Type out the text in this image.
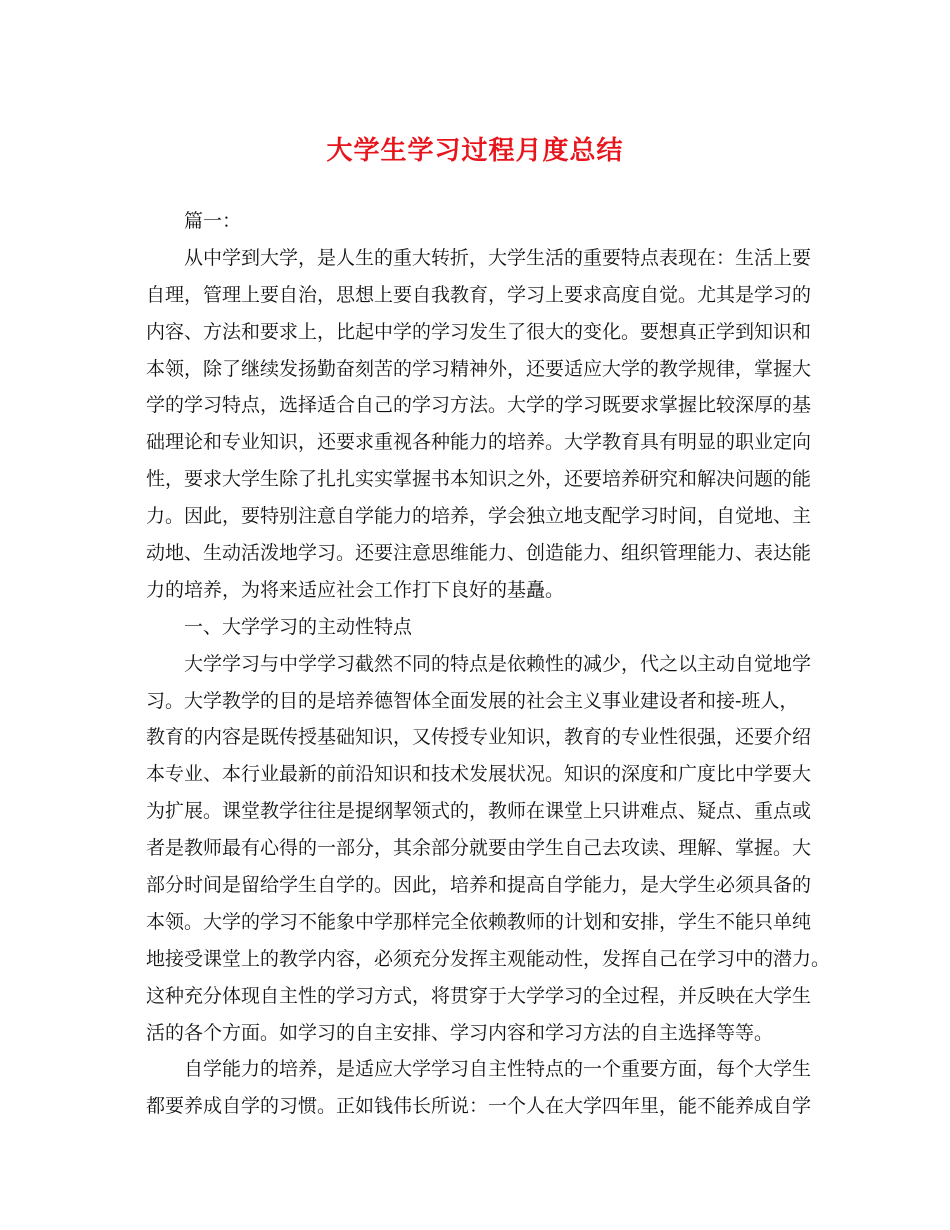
大学生学习过程月度总结
篇一：
从中学到大学，是人生的重大转折，大学生活的重要特点表现在：生活上要
自理，管理上要自治，思想上要自我教育，学习上要求高度自觉。尤其是学习的
内容、方法和要求上，比起中学的学习发生了很大的变化。要想真正学到知识和
本领，除了继续发扬勤奋刻苦的学习精神外，还要适应大学的教学规律，掌握大
学的学习特点，选择适合自己的学习方法。大学的学习既要求掌握比较深厚的基
础理论和专业知识，还要求重视各种能力的培养。大学教育具有明显的职业定向
性，要求大学生除了扎扎实实掌握书本知识之外，还要培养研究和解决问题的能
力。因此，要特别注意自学能力的培养，学会独立地支配学习时间，自觉地、主
动地、生动活泼地学习。还要注意思维能力、创造能力、组织管理能力、表达能
力的培养，为将来适应社会工作打下良好的基矗。
一、大学学习的主动性特点
大学学习与中学学习截然不同的特点是依赖性的减少，代之以主动自觉地学
习。大学教学的目的是培养德智体全面发展的社会主义事业建设者和接-班人，
教育的内容是既传授基础知识，又传授专业知识，教育的专业性很强，还要介绍
本专业、本行业最新的前沿知识和技术发展状况。知识的深度和广度比中学要大
为扩展。课堂教学往往是提纲挈领式的，教师在课堂上只讲难点、疑点、重点或
者是教师最有心得的一部分，其余部分就要由学生自己去攻读、理解、掌握。大
部分时间是留给学生自学的。因此，培养和提高自学能力，是大学生必须具备的
本领。大学的学习不能象中学那样完全依赖教师的计划和安排，学生不能只单纯
地接受课堂上的教学内容，必须充分发挥主观能动性，发挥自己在学习中的潜力。
这种充分体现自主性的学习方式，将贯穿于大学学习的全过程，并反映在大学生
活的各个方面。如学习的自主安排、学习内容和学习方法的自主选择等等。
自学能力的培养，是适应大学学习自主性特点的一个重要方面，每个大学生
都要养成自学的习惯。正如钱伟长所说：一个人在大学四年里，能不能养成自学
